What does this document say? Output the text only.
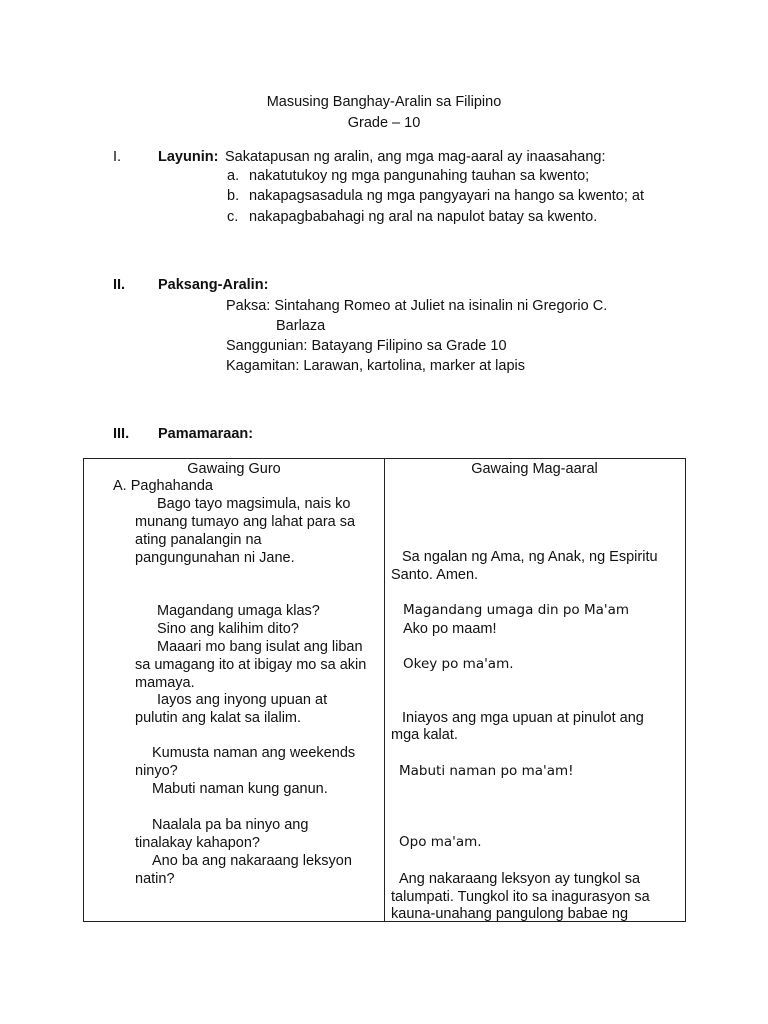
Masusing Banghay-Aralin sa Filipino
Grade – 10
I.	Layunin: Sakatapusan ng aralin, ang mga mag-aaral ay inaasahang:
a. nakatutukoy ng mga pangunahing tauhan sa kwento;
b. nakapagsasadula ng mga pangyayari na hango sa kwento; at
c. nakapagbabahagi ng aral na napulot batay sa kwento.
II. Paksang-Aralin:
Paksa: Sintahang Romeo at Juliet na isinalin ni Gregorio C.
Barlaza
Sanggunian: Batayang Filipino sa Grade 10
Kagamitan: Larawan, kartolina, marker at lapis
III. Pamamaraan:
Gawaing Guro	Gawaing Mag-aaral
A. Paghahanda
Bago tayo magsimula, nais ko
munang tumayo ang lahat para sa
ating panalangin na
pangungunahan ni Jane.
Magandang umaga klas?
Sino ang kalihim dito?
Maaari mo bang isulat ang liban
sa umagang ito at ibigay mo sa akin
mamaya.
Iayos ang inyong upuan at
pulutin ang kalat sa ilalim.
Kumusta naman ang weekends
ninyo?
Mabuti naman kung ganun.
Naalala pa ba ninyo ang
tinalakay kahapon?
Ano ba ang nakaraang leksyon
natin?
Sa ngalan ng Ama, ng Anak, ng Espiritu
Santo. Amen.
Magandang umaga din po Ma'am
Ako po maam!
Okey po ma'am.
Iniayos ang mga upuan at pinulot ang
mga kalat.
Mabuti naman po ma'am!
Opo ma'am.
Ang nakaraang leksyon ay tungkol sa
talumpati. Tungkol ito sa inagurasyon sa
kauna-unahang pangulong babae ng
